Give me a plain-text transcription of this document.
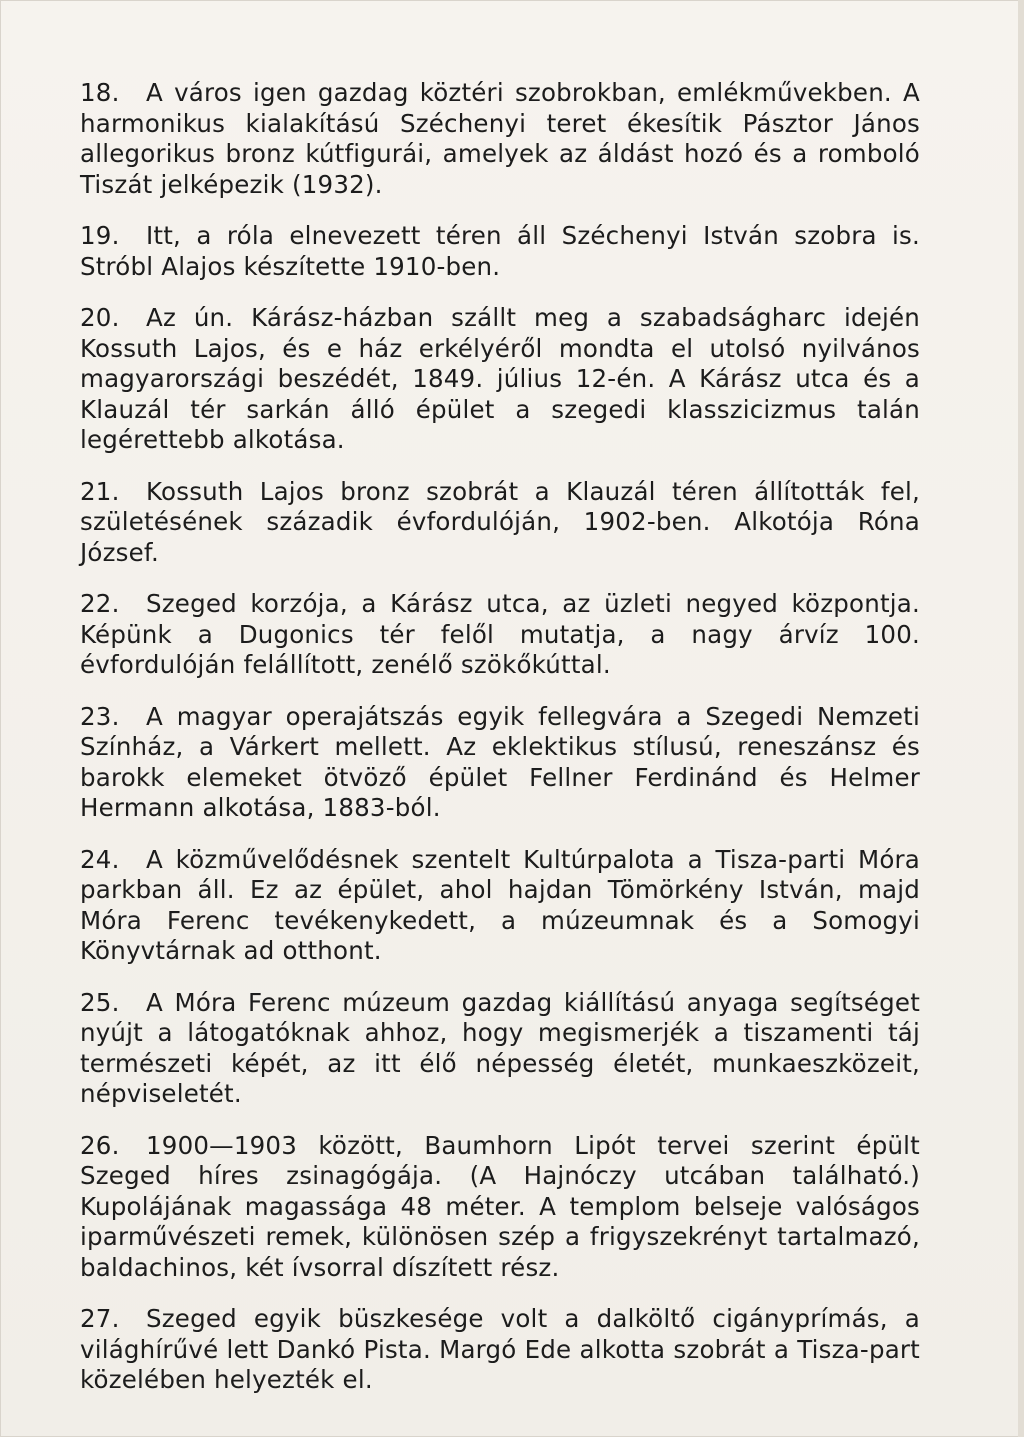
18. A város igen gazdag köztéri szobrokban, emlékművekben. A harmonikus kialakítású Széchenyi teret ékesítik Pásztor János allegorikus bronz kútfigurái, amelyek az áldást hozó és a romboló Tiszát jelképezik (1932).

19. Itt, a róla elnevezett téren áll Széchenyi István szobra is. Stróbl Alajos készítette 1910-ben.

20. Az ún. Kárász-házban szállt meg a szabadságharc idején Kossuth Lajos, és e ház erkélyéről mondta el utolsó nyilvános magyarországi beszédét, 1849. július 12-én. A Kárász utca és a Klauzál tér sarkán álló épület a szegedi klasszicizmus talán legérettebb alkotása.

21. Kossuth Lajos bronz szobrát a Klauzál téren állították fel, születésének századik évfordulóján, 1902-ben. Alkotója Róna József.

22. Szeged korzója, a Kárász utca, az üzleti negyed központja. Képünk a Dugonics tér felől mutatja, a nagy árvíz 100. évfordulóján felállított, zenélő szökőkúttal.

23. A magyar operajátszás egyik fellegvára a Szegedi Nemzeti Színház, a Várkert mellett. Az eklektikus stílusú, reneszánsz és barokk elemeket ötvöző épület Fellner Ferdinánd és Helmer Hermann alkotása, 1883-ból.

24. A közművelődésnek szentelt Kultúrpalota a Tisza-parti Móra parkban áll. Ez az épület, ahol hajdan Tömörkény István, majd Móra Ferenc tevékenykedett, a múzeumnak és a Somogyi Könyvtárnak ad otthont.

25. A Móra Ferenc múzeum gazdag kiállítású anyaga segítséget nyújt a látogatóknak ahhoz, hogy megismerjék a tiszamenti táj természeti képét, az itt élő népesség életét, munkaeszközeit, népviseletét.

26. 1900—1903 között, Baumhorn Lipót tervei szerint épült Szeged híres zsinagógája. (A Hajnóczy utcában található.) Kupolájának magassága 48 méter. A templom belseje valóságos iparművészeti remek, különösen szép a frigyszekrényt tartalmazó, baldachinos, két ívsorral díszített rész.

27. Szeged egyik büszkesége volt a dalköltő cigányprímás, a világhírűvé lett Dankó Pista. Margó Ede alkotta szobrát a Tisza-part közelében helyezték el.
